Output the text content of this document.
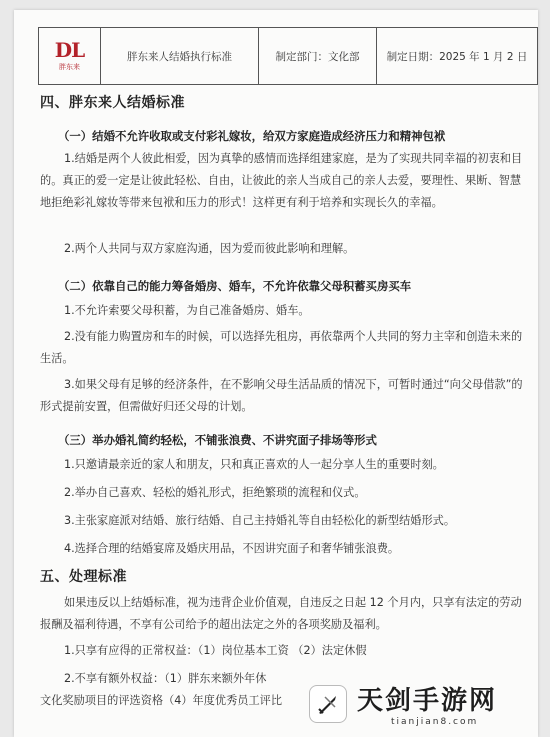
DL
胖东来
胖东来人结婚执行标准	制定部门：文化部	制定日期：2025 年 1 月 2 日
四、胖东来人结婚标准
（一）结婚不允许收取或支付彩礼嫁妆，给双方家庭造成经济压力和精神包袱

1.结婚是两个人彼此相爱，因为真挚的感情而选择组建家庭，是为了实现共同幸福的初衷和目的。真正的爱一定是让彼此轻松、自由，让彼此的亲人当成自己的亲人去爱，要理性、果断、智慧地拒绝彩礼嫁妆等带来包袱和压力的形式！这样更有利于培养和实现长久的幸福。

2.两个人共同与双方家庭沟通，因为爱而彼此影响和理解。

（二）依靠自己的能力筹备婚房、婚车，不允许依靠父母积蓄买房买车

1.不允许索要父母积蓄，为自己准备婚房、婚车。

2.没有能力购置房和车的时候，可以选择先租房，再依靠两个人共同的努力主宰和创造未来的生活。

3.如果父母有足够的经济条件，在不影响父母生活品质的情况下，可暂时通过“向父母借款”的形式提前安置，但需做好归还父母的计划。

（三）举办婚礼简约轻松，不铺张浪费、不讲究面子排场等形式

1.只邀请最亲近的家人和朋友，只和真正喜欢的人一起分享人生的重要时刻。

2.举办自己喜欢、轻松的婚礼形式，拒绝繁琐的流程和仪式。

3.主张家庭派对结婚、旅行结婚、自己主持婚礼等自由轻松化的新型结婚形式。

4.选择合理的结婚宴席及婚庆用品，不因讲究面子和奢华铺张浪费。

五、处理标准

如果违反以上结婚标准，视为违背企业价值观，自违反之日起 12 个月内，只享有法定的劳动报酬及福利待遇，不享有公司给予的超出法定之外的各项奖励及福利。

1.只享有应得的正常权益：（1）岗位基本工资 （2）法定休假

2.不享有额外权益：（1）胖东来额外年休

文化奖励项目的评选资格（4）年度优秀员工评比	天剑手游网
tianjian8.com
